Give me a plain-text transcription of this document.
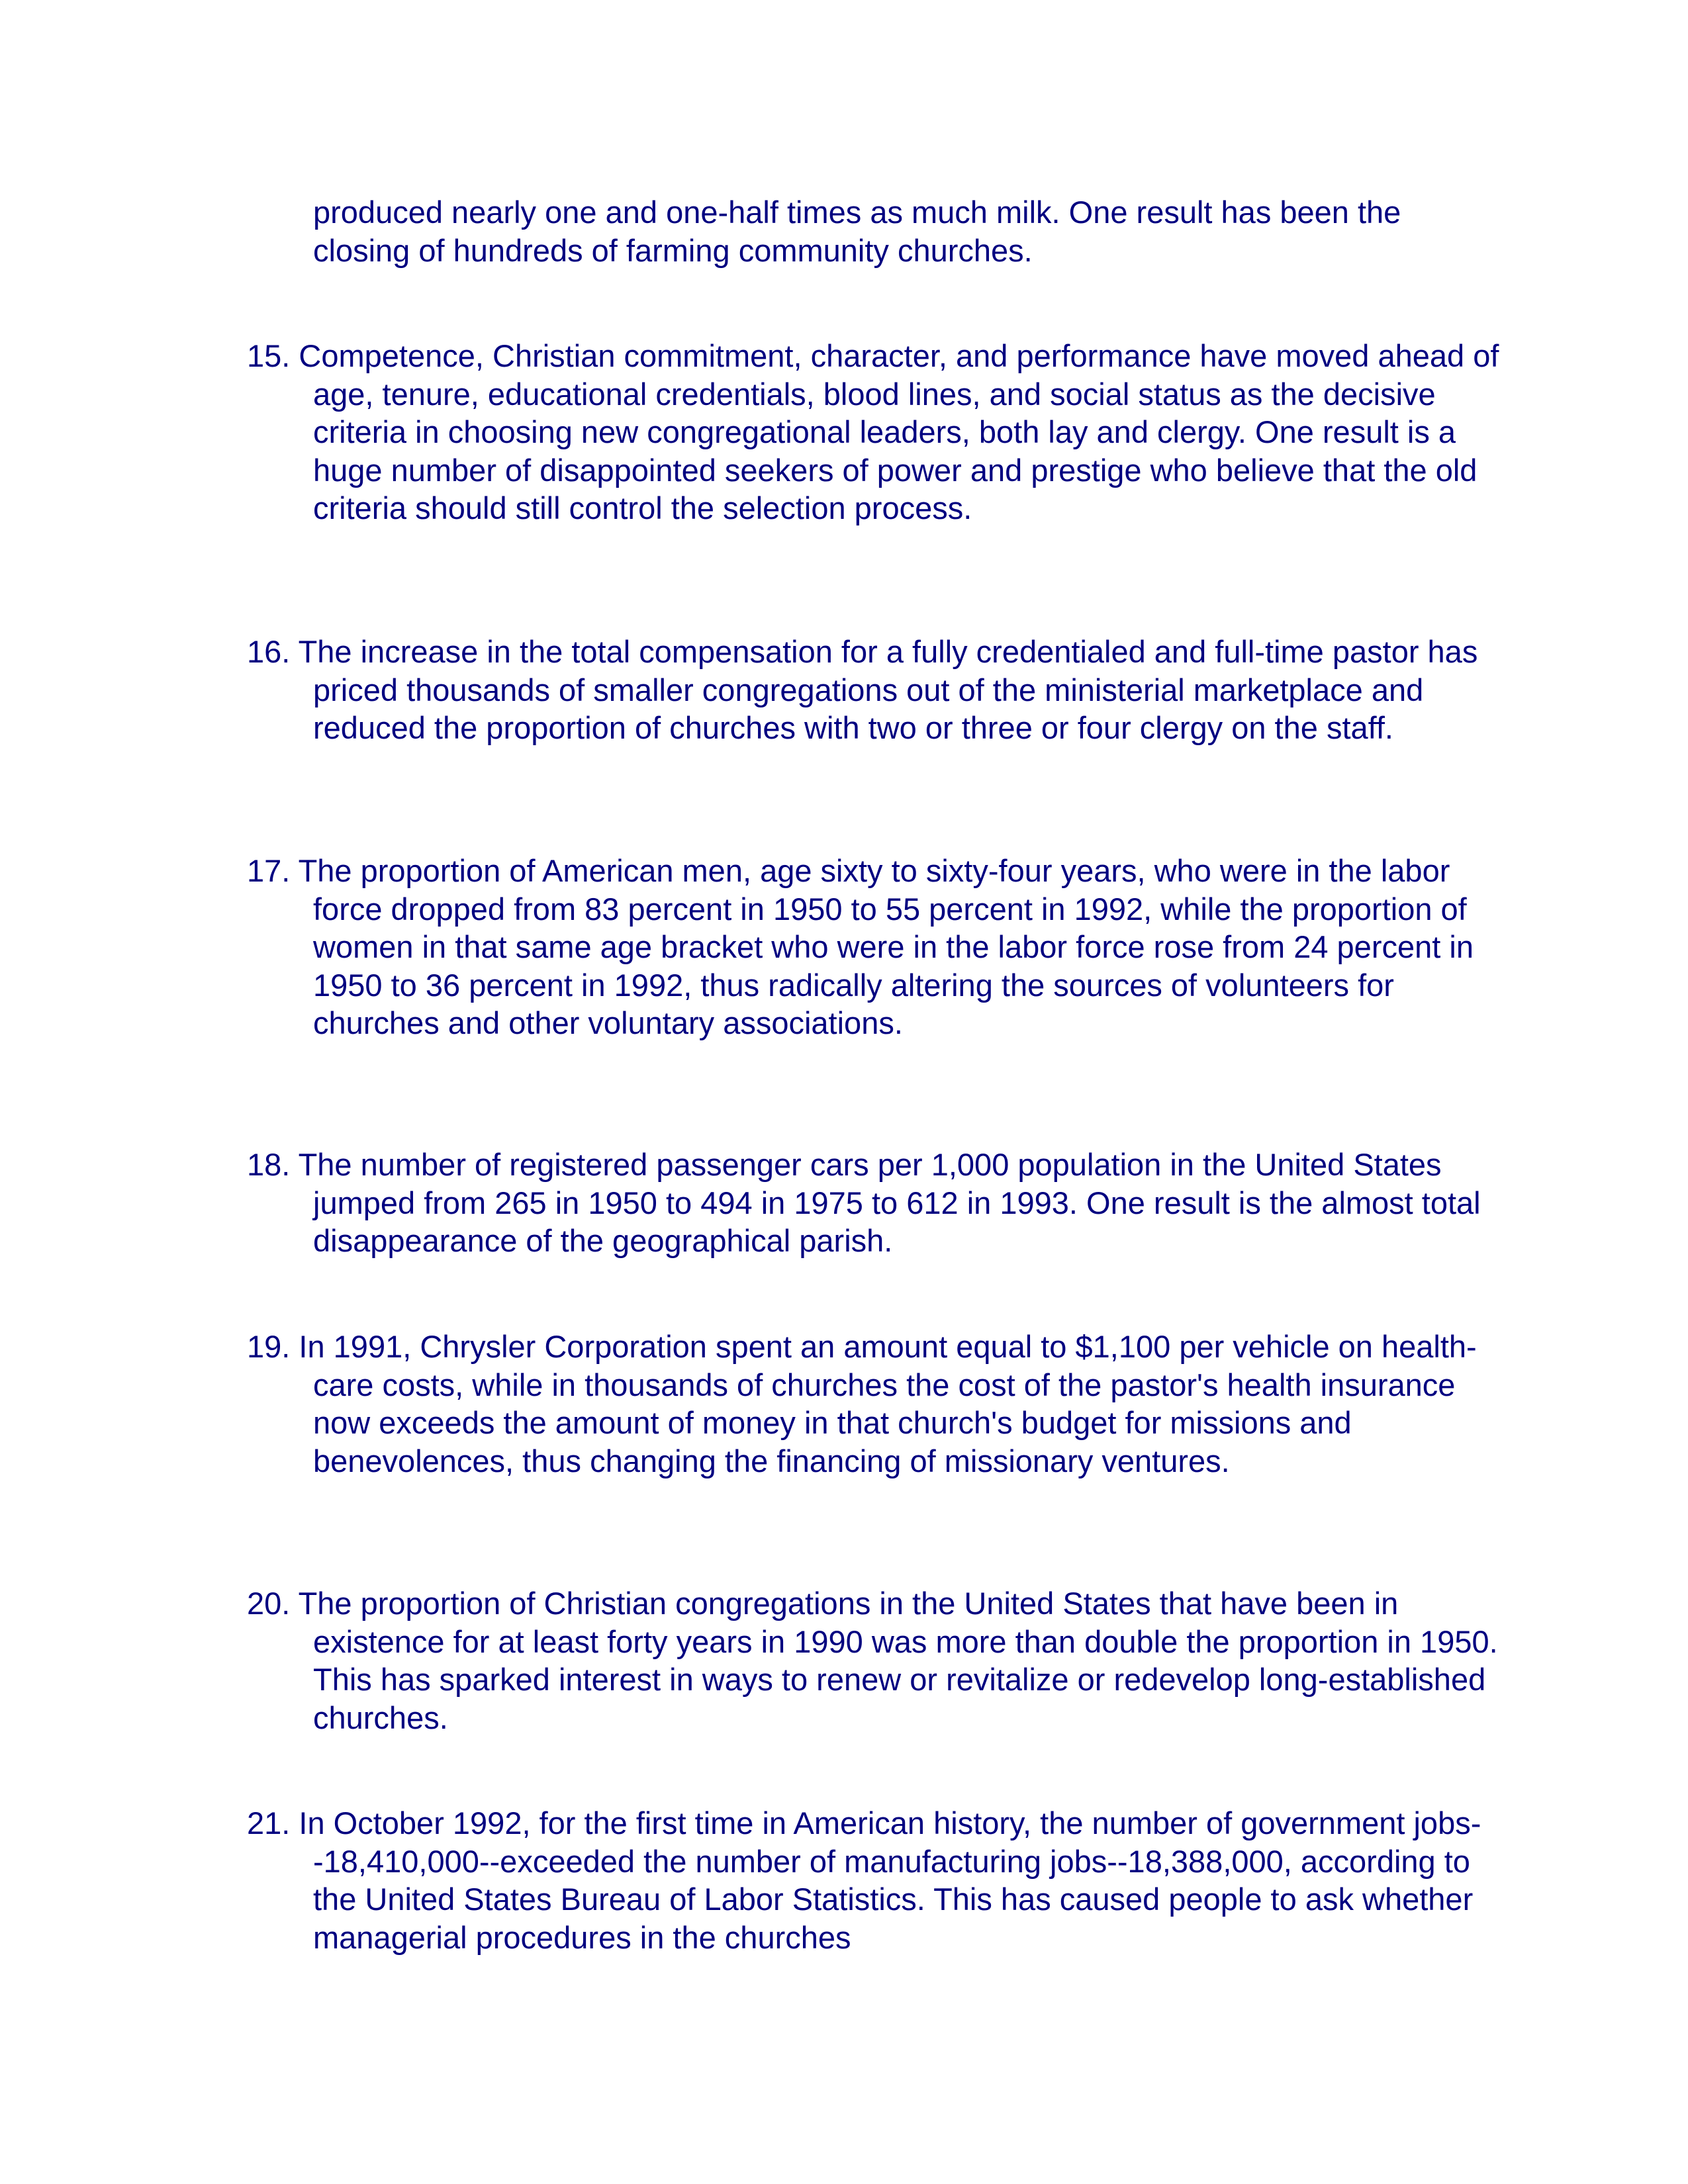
produced nearly one and one-half times as much milk. One result has been the closing of hundreds of farming community churches.

15. Competence, Christian commitment, character, and performance have moved ahead of age, tenure, educational credentials, blood lines, and social status as the decisive criteria in choosing new congregational leaders, both lay and clergy. One result is a huge number of disappointed seekers of power and prestige who believe that the old criteria should still control the selection process.

16. The increase in the total compensation for a fully credentialed and full-time pastor has priced thousands of smaller congregations out of the ministerial marketplace and reduced the proportion of churches with two or three or four clergy on the staff.

17. The proportion of American men, age sixty to sixty-four years, who were in the labor force dropped from 83 percent in 1950 to 55 percent in 1992, while the proportion of women in that same age bracket who were in the labor force rose from 24 percent in 1950 to 36 percent in 1992, thus radically altering the sources of volunteers for churches and other voluntary associations.

18. The number of registered passenger cars per 1,000 population in the United States jumped from 265 in 1950 to 494 in 1975 to 612 in 1993. One result is the almost total disappearance of the geographical parish.

19. In 1991, Chrysler Corporation spent an amount equal to $1,100 per vehicle on health-care costs, while in thousands of churches the cost of the pastor's health insurance now exceeds the amount of money in that church's budget for missions and benevolences, thus changing the financing of missionary ventures.

20. The proportion of Christian congregations in the United States that have been in existence for at least forty years in 1990 was more than double the proportion in 1950. This has sparked interest in ways to renew or revitalize or redevelop long-established churches.

21. In October 1992, for the first time in American history, the number of government jobs--18,410,000--exceeded the number of manufacturing jobs--18,388,000, according to the United States Bureau of Labor Statistics. This has caused people to ask whether managerial procedures in the churches
